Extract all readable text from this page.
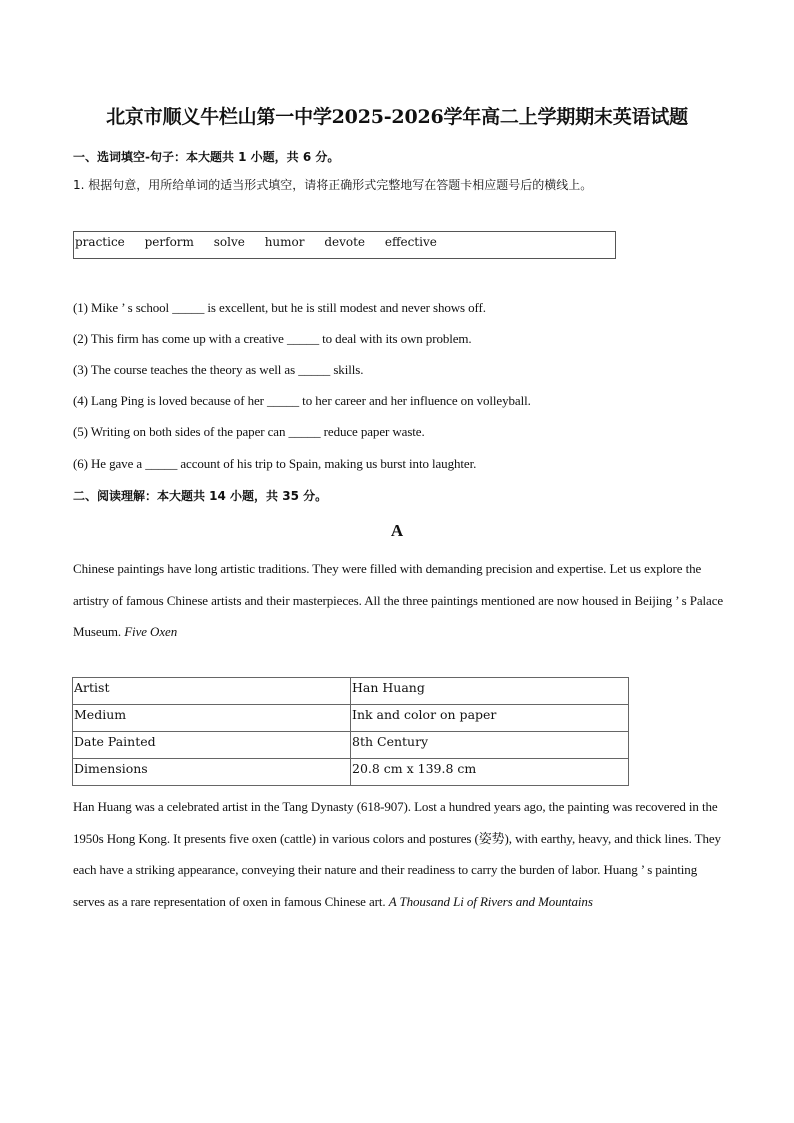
北京市顺义牛栏山第一中学2025-2026学年高二上学期期末英语试题
一、选词填空-句子：本大题共 1 小题，共 6 分。
1. 根据句意，用所给单词的适当形式填空，请将正确形式完整地写在答题卡相应题号后的横线上。
practice perform solve humor devote effective
(1) Mike ’ s school _____ is excellent, but he is still modest and never shows off.
(2) This firm has come up with a creative _____ to deal with its own problem.
(3) The course teaches the theory as well as _____ skills.
(4) Lang Ping is loved because of her _____ to her career and her influence on volleyball.
(5) Writing on both sides of the paper can _____ reduce paper waste.
(6) He gave a _____ account of his trip to Spain, making us burst into laughter.
二、阅读理解：本大题共 14 小题，共 35 分。
A
Chinese paintings have long artistic traditions. They were filled with demanding precision and expertise. Let us explore the artistry of famous Chinese artists and their masterpieces. All the three paintings mentioned are now housed in Beijing ’ s Palace Museum. Five Oxen
Artist	Han Huang
Medium	Ink and color on paper
Date Painted	8th Century
Dimensions	20.8 cm x 139.8 cm
Han Huang was a celebrated artist in the Tang Dynasty (618-907). Lost a hundred years ago, the painting was recovered in the 1950s Hong Kong. It presents five oxen (cattle) in various colors and postures (姿势), with earthy, heavy, and thick lines. They each have a striking appearance, conveying their nature and their readiness to carry the burden of labor. Huang ’ s painting serves as a rare representation of oxen in famous Chinese art. A Thousand Li of Rivers and Mountains
